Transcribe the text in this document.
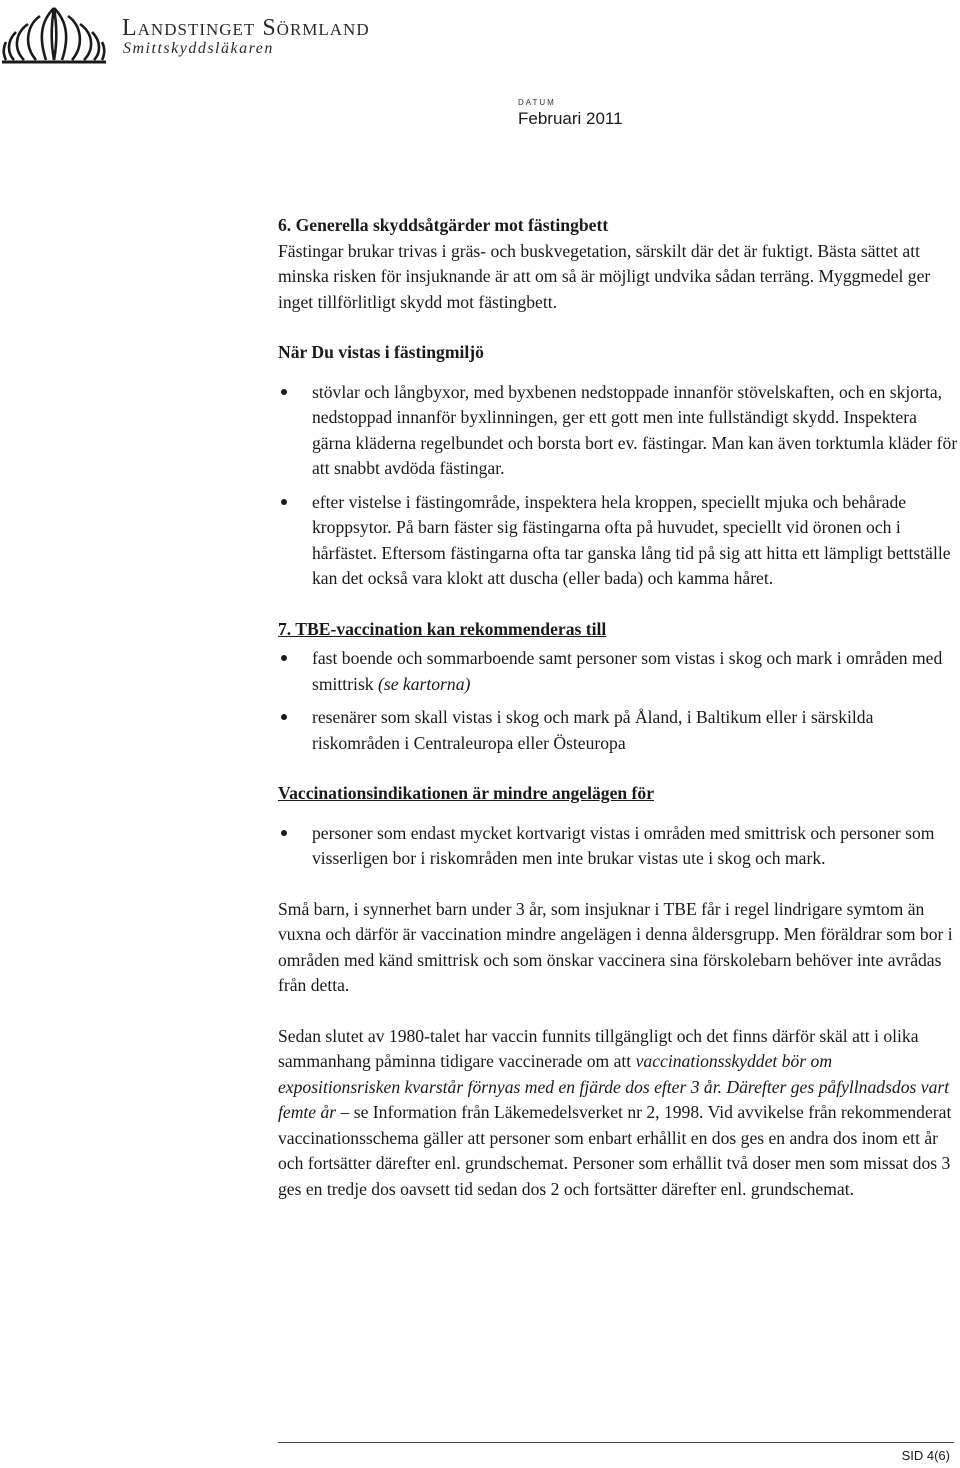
Landstinget Sörmland
Smittskyddsläkaren
DATUM
Februari 2011

6. Generella skyddsåtgärder mot fästingbett

Fästingar brukar trivas i gräs- och buskvegetation, särskilt där det är fuktigt. Bästa sättet att minska risken för insjuknande är att om så är möjligt undvika sådan terräng. Myggmedel ger inget tillförlitligt skydd mot fästingbett.

När Du vistas i fästingmiljö

stövlar och långbyxor, med byxbenen nedstoppade innanför stövelskaften, och en skjorta, nedstoppad innanför byxlinningen, ger ett gott men inte fullständigt skydd. Inspektera gärna kläderna regelbundet och borsta bort ev. fästingar. Man kan även torktumla kläder för att snabbt avdöda fästingar.
efter vistelse i fästingområde, inspektera hela kroppen, speciellt mjuka och behårade kroppsytor. På barn fäster sig fästingarna ofta på huvudet, speciellt vid öronen och i hårfästet. Eftersom fästingarna ofta tar ganska lång tid på sig att hitta ett lämpligt bettställe kan det också vara klokt att duscha (eller bada) och kamma håret.

7. TBE-vaccination kan rekommenderas till

fast boende och sommarboende samt personer som vistas i skog och mark i områden med smittrisk (se kartorna)
resenärer som skall vistas i skog och mark på Åland, i Baltikum eller i särskilda riskområden i Centraleuropa eller Östeuropa

Vaccinationsindikationen är mindre angelägen för

personer som endast mycket kortvarigt vistas i områden med smittrisk och personer som visserligen bor i riskområden men inte brukar vistas ute i skog och mark.

Små barn, i synnerhet barn under 3 år, som insjuknar i TBE får i regel lindrigare symtom än vuxna och därför är vaccination mindre angelägen i denna åldersgrupp. Men föräldrar som bor i områden med känd smittrisk och som önskar vaccinera sina förskolebarn behöver inte avrådas från detta.

Sedan slutet av 1980-talet har vaccin funnits tillgängligt och det finns därför skäl att i olika sammanhang påminna tidigare vaccinerade om att vaccinationsskyddet bör om expositionsrisken kvarstår förnyas med en fjärde dos efter 3 år. Därefter ges påfyllnadsdos vart femte år – se Information från Läkemedelsverket nr 2, 1998. Vid avvikelse från rekommenderat vaccinationsschema gäller att personer som enbart erhållit en dos ges en andra dos inom ett år och fortsätter därefter enl. grundschemat. Personer som erhållit två doser men som missat dos 3 ges en tredje dos oavsett tid sedan dos 2 och fortsätter därefter enl. grundschemat.

SID 4(6)
